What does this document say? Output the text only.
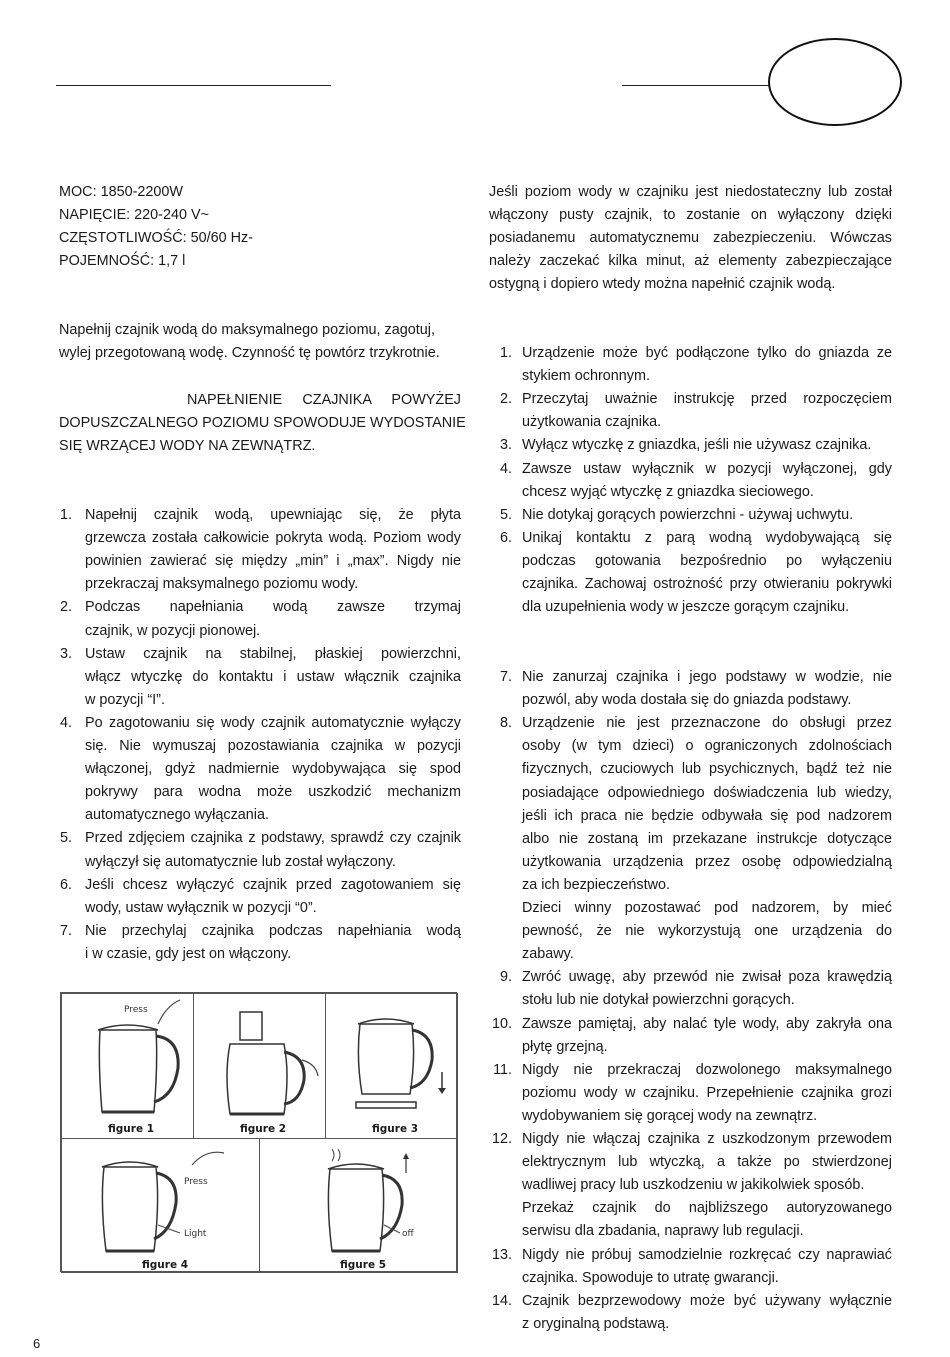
MOC: 1850-2200W
NAPIĘCIE: 220-240 V~
CZĘSTOTLIWOŚĆ: 50/60 Hz-
POJEMNOŚĆ: 1,7 l
Napełnij czajnik wodą do maksymalnego poziomu, zagotuj,
wylej przegotowaną wodę. Czynność tę powtórz trzykrotnie.
NAPEŁNIENIE CZAJNIKA POWYŻEJ
DOPUSZCZALNEGO POZIOMU SPOWODUJE WYDOSTANIE
SIĘ WRZĄCEJ WODY NA ZEWNĄTRZ.
1. Napełnij czajnik wodą, upewniając się, że płyta
grzewcza została całkowicie pokryta wodą. Poziom wody
powinien zawierać się między „min” i „max”. Nigdy nie
przekraczaj maksymalnego poziomu wody.
2. Podczas napełniania wodą zawsze trzymaj
czajnik, w pozycji pionowej.
3. Ustaw czajnik na stabilnej, płaskiej powierzchni,
włącz wtyczkę do kontaktu i ustaw włącznik czajnika
w pozycji “I”.
4. Po zagotowaniu się wody czajnik automatycznie wyłączy
się. Nie wymuszaj pozostawiania czajnika w pozycji
włączonej, gdyż nadmiernie wydobywająca się spod
pokrywy para wodna może uszkodzić mechanizm
automatycznego wyłączania.
5. Przed zdjęciem czajnika z podstawy, sprawdź czy czajnik
wyłączył się automatycznie lub został wyłączony.
6. Jeśli chcesz wyłączyć czajnik przed zagotowaniem się
wody, ustaw wyłącznik w pozycji “0”.
7. Nie przechylaj czajnika podczas napełniania wodą
i w czasie, gdy jest on włączony.
Press
figure 1	figure 2	figure 3
Press
Light
figure 4
off
figure 5
Jeśli poziom wody w czajniku jest niedostateczny lub został
włączony pusty czajnik, to zostanie on wyłączony dzięki
posiadanemu automatycznemu zabezpieczeniu. Wówczas
należy zaczekać kilka minut, aż elementy zabezpieczające
ostygną i dopiero wtedy można napełnić czajnik wodą.
1. Urządzenie może być podłączone tylko do gniazda ze
stykiem ochronnym.
2. Przeczytaj uważnie instrukcję przed rozpoczęciem
użytkowania czajnika.
3. Wyłącz wtyczkę z gniazdka, jeśli nie używasz czajnika.
4. Zawsze ustaw wyłącznik w pozycji wyłączonej, gdy
chcesz wyjąć wtyczkę z gniazdka sieciowego.
5. Nie dotykaj gorących powierzchni - używaj uchwytu.
6. Unikaj kontaktu z parą wodną wydobywającą się
podczas gotowania bezpośrednio po wyłączeniu
czajnika. Zachowaj ostrożność przy otwieraniu pokrywki
dla uzupełnienia wody w jeszcze gorącym czajniku.
7. Nie zanurzaj czajnika i jego podstawy w wodzie, nie
pozwól, aby woda dostała się do gniazda podstawy.
8. Urządzenie nie jest przeznaczone do obsługi przez
osoby (w tym dzieci) o ograniczonych zdolnościach
fizycznych, czuciowych lub psychicznych, bądź też nie
posiadające odpowiedniego doświadczenia lub wiedzy,
jeśli ich praca nie będzie odbywała się pod nadzorem
albo nie zostaną im przekazane instrukcje dotyczące
użytkowania urządzenia przez osobę odpowiedzialną
za ich bezpieczeństwo.
Dzieci winny pozostawać pod nadzorem, by mieć
pewność, że nie wykorzystują one urządzenia do
zabawy.
9. Zwróć uwagę, aby przewód nie zwisał poza krawędzią
stołu lub nie dotykał powierzchni gorących.
10. Zawsze pamiętaj, aby nalać tyle wody, aby zakryła ona
płytę grzejną.
11. Nigdy nie przekraczaj dozwolonego maksymalnego
poziomu wody w czajniku. Przepełnienie czajnika grozi
wydobywaniem się gorącej wody na zewnątrz.
12. Nigdy nie włączaj czajnika z uszkodzonym przewodem
elektrycznym lub wtyczką, a także po stwierdzonej
wadliwej pracy lub uszkodzeniu w jakikolwiek sposób.
Przekaż czajnik do najbliższego autoryzowanego
serwisu dla zbadania, naprawy lub regulacji.
13. Nigdy nie próbuj samodzielnie rozkręcać czy naprawiać
czajnika. Spowoduje to utratę gwarancji.
14. Czajnik bezprzewodowy może być używany wyłącznie
z oryginalną podstawą.
6
